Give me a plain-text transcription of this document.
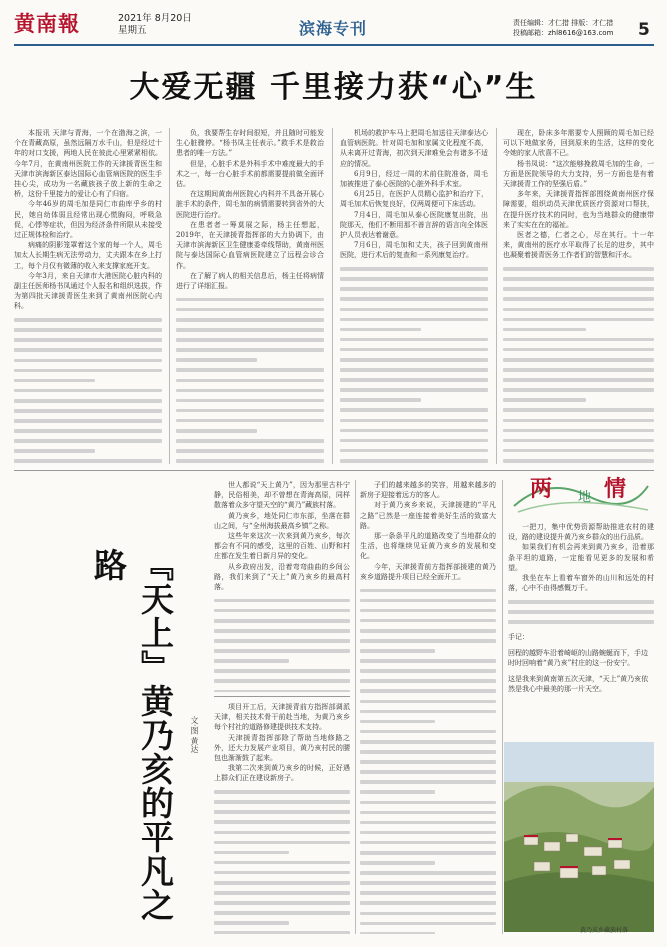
黄南報	2021年 8月20日
星期五	滨海专刊	责任编辑：才仁措 排版：才仁措
投稿邮箱：zhl8616@163.com	5
大爱无疆 千里接力获“心”生

本报讯 天津与青海，一个在渤海之滨，一个在青藏高原，虽然远隔万水千山，但是经过十年的对口支援，两地人民在彼此心里紧紧相依。今年7月，在黄南州医院工作的天津援青医生和天津市滨海新区泰达国际心血管病医院的医生手挂心尖，成功为一名藏族孩子放上新的生命之桥，这份千里接力的爱让心有了归宿。

今年46岁的周毛加是同仁市曲库乎乡的村民，她自幼体弱且经常出现心慌胸闷，呼吸急促，心悸等症状，但因为经济条件所限从未接受过正规体检和治疗。

病痛的阴影笼罩着这个家的每一个人，周毛加太人长期生病无法劳动力，丈夫跟本在乡上打工，每个月仅有微薄的收入来支撑家庭开支。

今年3月，来自天津市大港医院心脏内科的副主任医师杨书凤通过个人报名和组织选拔，作为第四批天津援青医生来到了黄南州医院心内科。

负，我要帮生存时间很短，并且随时可能发生心脏骤停。“杨书凤主任表示。”救手术是救治患者的唯一方法。”

但是，心脏手术是外科手术中难度最大的手术之一，每一台心脏手术前都需要提前做全面评估。

在这期间黄南州医院心内科并不具备开展心脏手术的条件，周毛加的病情需要转到省外的大医院进行治疗。

在患者者一筹莫展之际，杨主任想起，2019年，在天津援青指挥部的大力协调下，由天津市滨海新区卫生健康委牵线帮助，黄南州医院与泰达国际心血管病医院建立了远程会诊合作。

在了解了病人的相关信息后，杨主任将病情进行了详细汇报。

机场的救护车马上把周毛加送往天津泰达心血管病医院。针对周毛加和家属文化程度不高，从未离开过青海，初次到天津难免会有诸多不适应的情况。

6月9日，经过一周的术前住院准备，周毛加被推进了泰心医院的心脏外科手术室。

6月25日，在医护人员精心监护和治疗下，周毛加术后恢复良好，仅两周便可下床活动。

7月4日，周毛加从泰心医院康复出院，出院那天，他们不断用那不善言辞的语言向全体医护人员表达着谢意。

7月6日，周毛加和丈夫，孩子回到黄南州医院，进行术后的复查和一系列康复治疗。

现在，卧床多年需要专人照顾的周毛加已经可以下地做家务，回到原来的生活，这样的变化令她的家人欣喜不已。

杨书凤说：“这次能够挽救周毛加的生命，一方面是医院领导的大力支持，另一方面也是有着天津援青工作的坚强后盾。”

多年来，天津援青指挥部围绕黄南州医疗保障需要，组织动员天津优质医疗资源对口帮扶，在提升医疗技术的同时，也为当地群众的健康带来了实实在在的福祉。

医者之德，仁者之心，尽在其行。十一年来，黄南州的医疗水平取得了长足的进步，其中也凝聚着援青医务工作者们的智慧和汗水。

『天上』黄乃亥的平凡之路
文·图 黄达

世人都说“天上黄乃”，因为那里古朴宁静，民俗相美，却不曾想在青海高原，同样散落着众多守望天空的“黄乃”藏族村落。

黄乃亥乡，地处同仁市东部，坐落在群山之间，与“全州海拔最高乡镇”之称。

这些年来这次一次来到黄乃亥乡，每次都会有不同的感受，这里的百姓、山野和村庄都在发生着日新月异的变化。

从乡政府出发，沿着弯弯曲曲的乡间公路，我们来到了“天上”黄乃亥乡的最高村落。

项目开工后，天津援青前方指挥部调派天津，相关技术骨干前赴当地，为黄乃亥乡每个村社的道路修建提供技术支持。

天津援青指挥部除了帮助当地修路之外，还大力发展产业项目，黄乃亥村民的腰包也渐渐鼓了起来。

我第二次来到黄乃亥乡的时候，正好遇上群众们正在建设新房子。

子们的越来越多的笑容，用越来越多的新房子迎接着远方的客人。

对于黄乃亥乡来说，天津援建的“平凡之路”已然是一座连接着美好生活的致富大路。

那一条条平凡的道路改变了当地群众的生活，也将继续见证黄乃亥乡的发展和变化。

今年，天津援青前方指挥部援建的黄乃亥乡道路提升项目已经全面开工。

一把刀，集中优势资源帮助推进农村的建设，路的建设提升黄乃亥乡群众的出行品质。

如果我们有机会再来到黄乃亥乡，沿着那条平坦的道路，一定能看见更多的发展和希望。

我坐在车上看着车窗外的山川和远处的村落，心中不由得感慨万千。

两 地 情

手记：

回程的越野车沿着崎岖的山路蜿蜒而下，手边时时回响着“黄乃亥”村庄的这一份安宁。

这是我来到黄南第五次天津，“天上”黄乃亥依然是我心中最美的那一片天空。

黄乃亥乡藏族村落
